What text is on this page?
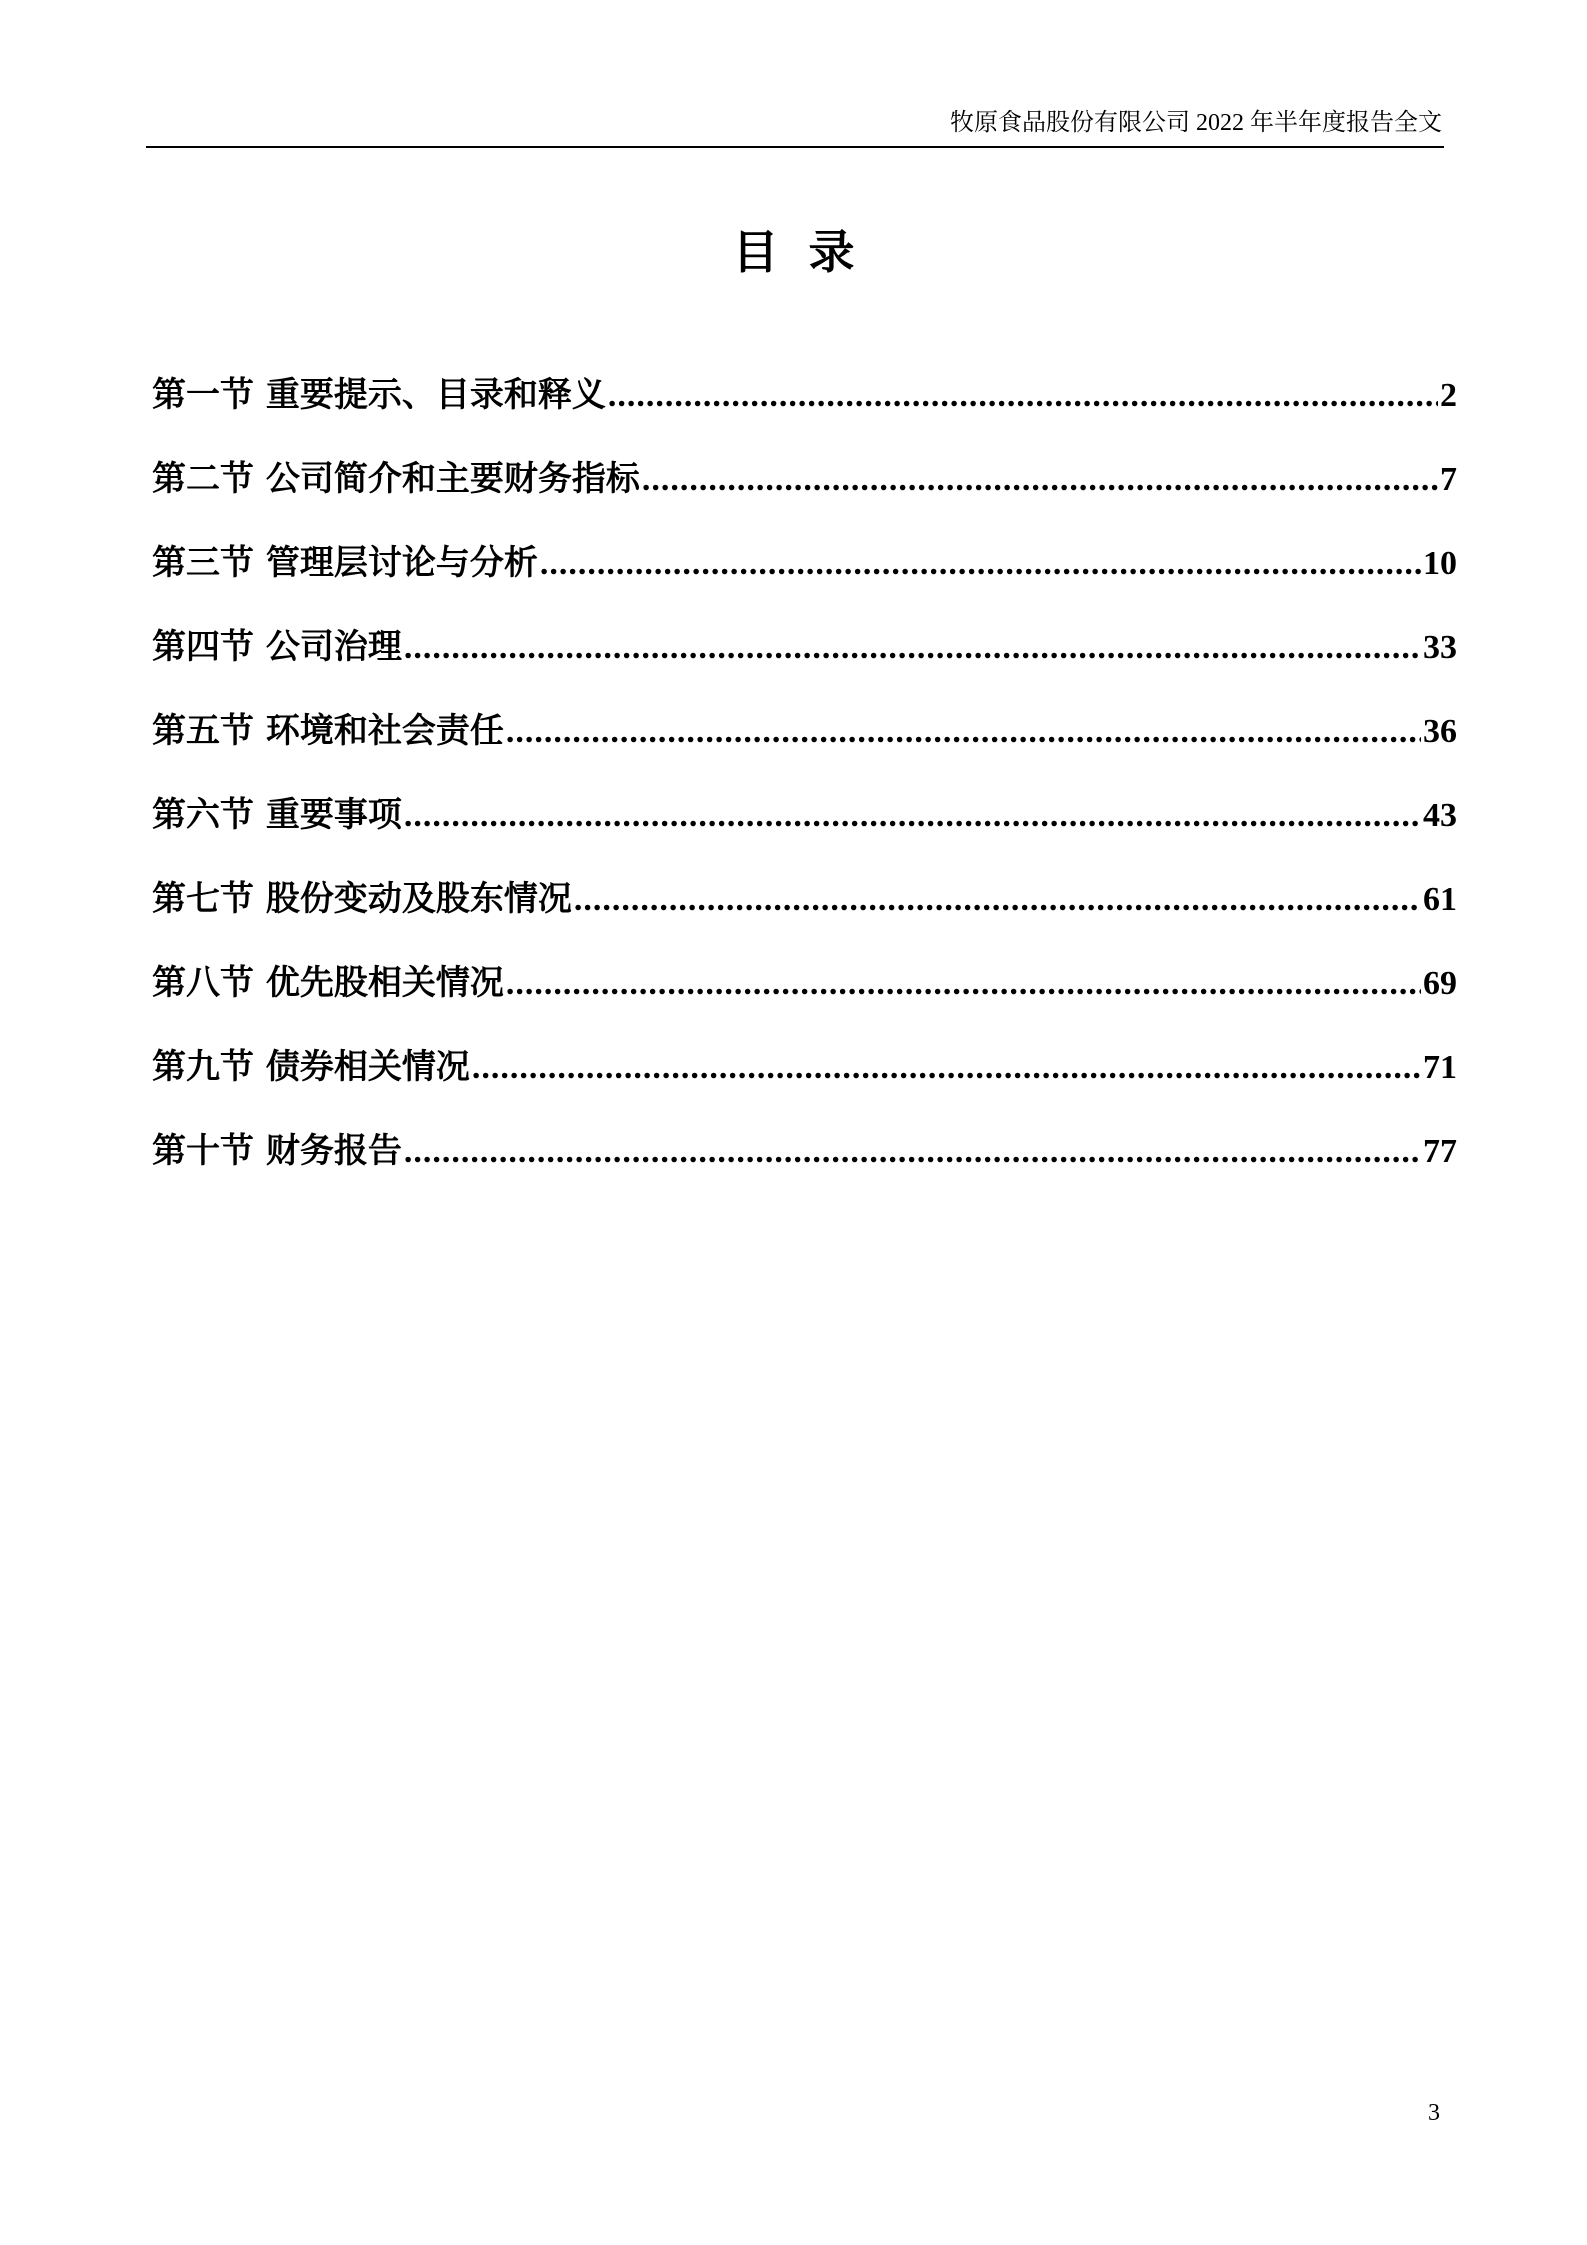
牧原食品股份有限公司 2022 年半年度报告全文
目录
第一节 重要提示、目录和释义 .....	2
第二节 公司简介和主要财务指标 .....	7
第三节 管理层讨论与分析 .....	10
第四节 公司治理 .....	33
第五节 环境和社会责任 .....	36
第六节 重要事项 .....	43
第七节 股份变动及股东情况 .....	61
第八节 优先股相关情况 .....	69
第九节 债券相关情况 .....	71
第十节 财务报告 .....	77
3
